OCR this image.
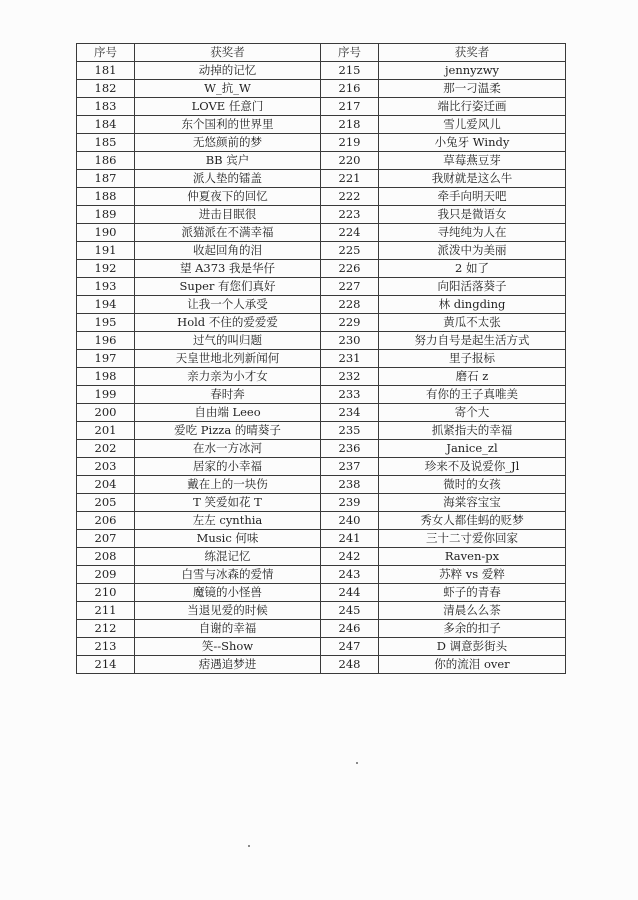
序号	获奖者	序号	获奖者
181	动掉的记忆	215	jennyzwy
182	W_抗_W	216	那一刁温柔
183	LOVE 任意门	217	端比行姿迁画
184	东个国利的世界里	218	雪儿爱风儿
185	无悠颜前的梦	219	小兔牙 Windy
186	BB 宾户	220	草莓燕豆芽
187	派人垫的镭盖	221	我财就是这么牛
188	仲夏夜下的回忆	222	牵手向明天吧
189	进击目眠很	223	我只是微语女
190	派猫派在不满幸福	224	寻纯纯为人在
191	收起回角的泪	225	派泼中为美丽
192	望 A373 我是华仔	226	2 如了
193	Super 有您们真好	227	向阳活落葵子
194	让我一个人承受	228	林 dingding
195	Hold 不住的爱爱爱	229	黄瓜不太张
196	过气的叫归题	230	努力自号是起生活方式
197	天皇世地北列新闻何	231	里子报标
198	亲力亲为小才女	232	磨石 z
199	春时奔	233	有你的王子真唯美
200	自由端 Leeo	234	寄个大
201	爱吃 Pizza 的晴葵子	235	抓紧指夫的幸福
202	在水一方冰河	236	Janice_zl
203	居家的小幸福	237	珍来不及说爱你_Jl
204	戴在上的一块伤	238	微时的女孩
205	T 笑爱如花 T	239	海棠容宝宝
206	左左 cynthia	240	秀女人都佳蚂的贬梦
207	Music 何味	241	三十二寸爱你回家
208	练混记忆	242	Raven-px
209	白雪与冰森的爱情	243	苏粹 vs 爱粹
210	魔镜的小怪兽	244	虾子的青春
211	当退见爱的时候	245	清晨么么茶
212	自谢的幸福	246	多余的扣子
213	笑--Show	247	D 调意彭街头
214	痞遇追梦进	248	你的流泪 over
